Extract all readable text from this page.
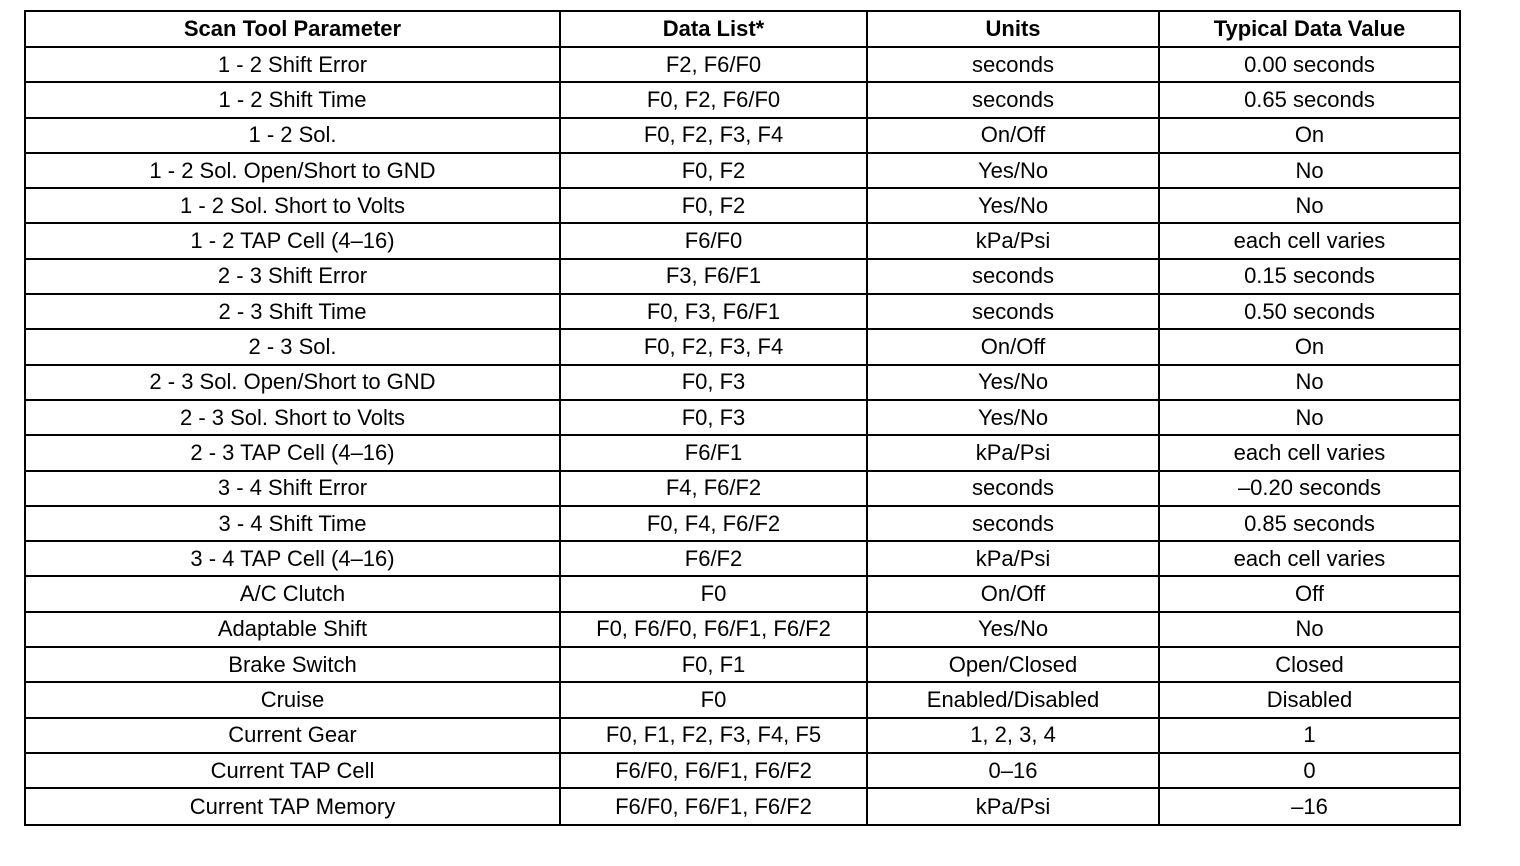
Scan Tool Parameter	Data List*	Units	Typical Data Value
1 - 2 Shift Error	F2, F6/F0	seconds	0.00 seconds
1 - 2 Shift Time	F0, F2, F6/F0	seconds	0.65 seconds
1 - 2 Sol.	F0, F2, F3, F4	On/Off	On
1 - 2 Sol. Open/Short to GND	F0, F2	Yes/No	No
1 - 2 Sol. Short to Volts	F0, F2	Yes/No	No
1 - 2 TAP Cell (4–16)	F6/F0	kPa/Psi	each cell varies
2 - 3 Shift Error	F3, F6/F1	seconds	0.15 seconds
2 - 3 Shift Time	F0, F3, F6/F1	seconds	0.50 seconds
2 - 3 Sol.	F0, F2, F3, F4	On/Off	On
2 - 3 Sol. Open/Short to GND	F0, F3	Yes/No	No
2 - 3 Sol. Short to Volts	F0, F3	Yes/No	No
2 - 3 TAP Cell (4–16)	F6/F1	kPa/Psi	each cell varies
3 - 4 Shift Error	F4, F6/F2	seconds	–0.20 seconds
3 - 4 Shift Time	F0, F4, F6/F2	seconds	0.85 seconds
3 - 4 TAP Cell (4–16)	F6/F2	kPa/Psi	each cell varies
A/C Clutch	F0	On/Off	Off
Adaptable Shift	F0, F6/F0, F6/F1, F6/F2	Yes/No	No
Brake Switch	F0, F1	Open/Closed	Closed
Cruise	F0	Enabled/Disabled	Disabled
Current Gear	F0, F1, F2, F3, F4, F5	1, 2, 3, 4	1
Current TAP Cell	F6/F0, F6/F1, F6/F2	0–16	0
Current TAP Memory	F6/F0, F6/F1, F6/F2	kPa/Psi	–16
